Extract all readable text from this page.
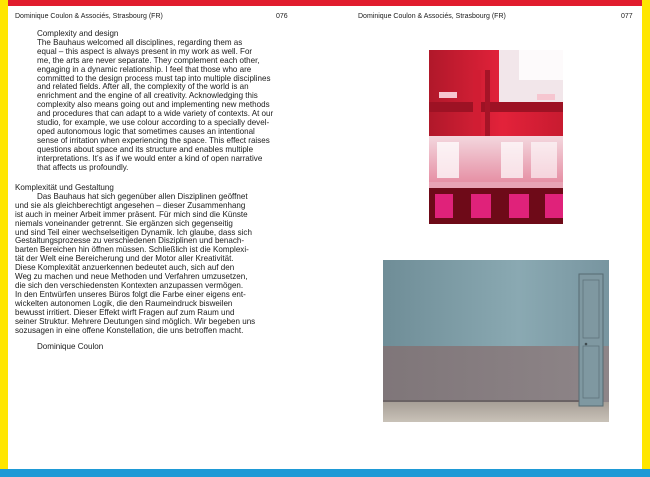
Dominique Coulon & Associés, Strasbourg (FR)	076	Dominique Coulon & Associés, Strasbourg (FR)	077

Complexity and design

The Bauhaus welcomed all disciplines, regarding them as

equal – this aspect is always present in my work as well. For

me, the arts are never separate. They complement each other,

engaging in a dynamic relationship. I feel that those who are

committed to the design process must tap into multiple disciplines

and related fields. After all, the complexity of the world is an

enrichment and the engine of all creativity. Acknowledging this

complexity also means going out and implementing new methods

and procedures that can adapt to a wide variety of contexts. At our

studio, for example, we use colour according to a specially devel-

oped autonomous logic that sometimes causes an intentional

sense of irritation when experiencing the space. This effect raises

questions about space and its structure and enables multiple

interpretations. It’s as if we would enter a kind of open narrative

that affects us profoundly.

Komplexität und Gestaltung

Das Bauhaus hat sich gegenüber allen Disziplinen geöffnet

und sie als gleichberechtigt angesehen – dieser Zusammenhang

ist auch in meiner Arbeit immer präsent. Für mich sind die Künste

niemals voneinander getrennt. Sie ergänzen sich gegenseitig

und sind Teil einer wechselseitigen Dynamik. Ich glaube, dass sich

Gestaltungsprozesse zu verschiedenen Disziplinen und benach-

barten Bereichen hin öffnen müssen. Schließlich ist die Komplexi-

tät der Welt eine Bereicherung und der Motor aller Kreativität.

Diese Komplexität anzuerkennen bedeutet auch, sich auf den

Weg zu machen und neue Methoden und Verfahren umzusetzen,

die sich den verschiedensten Kontexten anzupassen vermögen.

In den Entwürfen unseres Büros folgt die Farbe einer eigens ent-

wickelten autonomen Logik, die den Raumeindruck bisweilen

bewusst irritiert. Dieser Effekt wirft Fragen auf zum Raum und

seiner Struktur. Mehrere Deutungen sind möglich. Wir begeben uns

sozusagen in eine offene Konstellation, die uns betroffen macht.

Dominique Coulon
